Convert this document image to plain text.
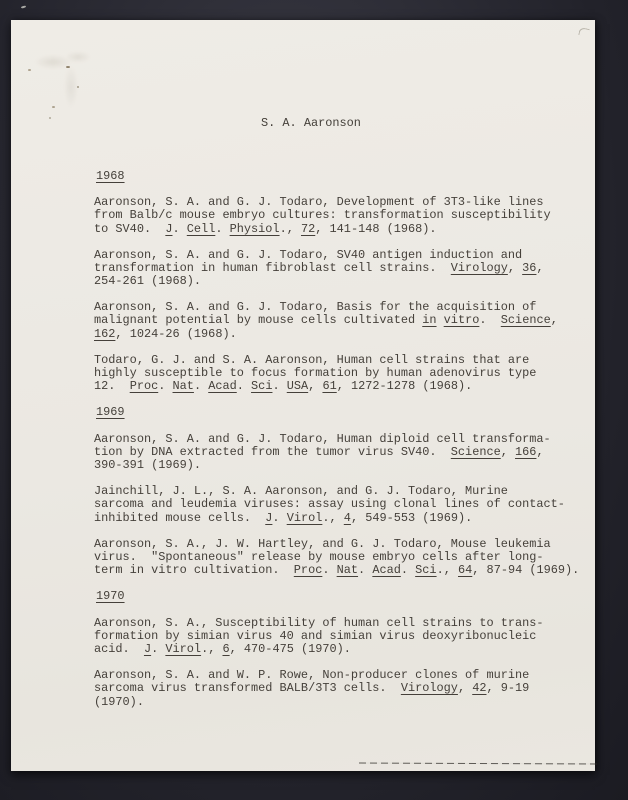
S. A. Aaronson

1968
Aaronson, S. A. and G. J. Todaro, Development of 3T3-like lines
from Balb/c mouse embryo cultures: transformation susceptibility
to SV40.  J. Cell. Physiol., 72, 141-148 (1968).
Aaronson, S. A. and G. J. Todaro, SV40 antigen induction and
transformation in human fibroblast cell strains.  Virology, 36,
254-261 (1968).
Aaronson, S. A. and G. J. Todaro, Basis for the acquisition of
malignant potential by mouse cells cultivated in vitro.  Science,
162, 1024-26 (1968).
Todaro, G. J. and S. A. Aaronson, Human cell strains that are
highly susceptible to focus formation by human adenovirus type
12.  Proc. Nat. Acad. Sci. USA, 61, 1272-1278 (1968).
1969
Aaronson, S. A. and G. J. Todaro, Human diploid cell transforma-
tion by DNA extracted from the tumor virus SV40.  Science, 166,
390-391 (1969).
Jainchill, J. L., S. A. Aaronson, and G. J. Todaro, Murine
sarcoma and leudemia viruses: assay using clonal lines of contact-
inhibited mouse cells.  J. Virol., 4, 549-553 (1969).
Aaronson, S. A., J. W. Hartley, and G. J. Todaro, Mouse leukemia
virus.  "Spontaneous" release by mouse embryo cells after long-
term in vitro cultivation.  Proc. Nat. Acad. Sci., 64, 87-94 (1969).
1970
Aaronson, S. A., Susceptibility of human cell strains to trans-
formation by simian virus 40 and simian virus deoxyribonucleic
acid.  J. Virol., 6, 470-475 (1970).
Aaronson, S. A. and W. P. Rowe, Non-producer clones of murine
sarcoma virus transformed BALB/3T3 cells.  Virology, 42, 9-19
(1970).
